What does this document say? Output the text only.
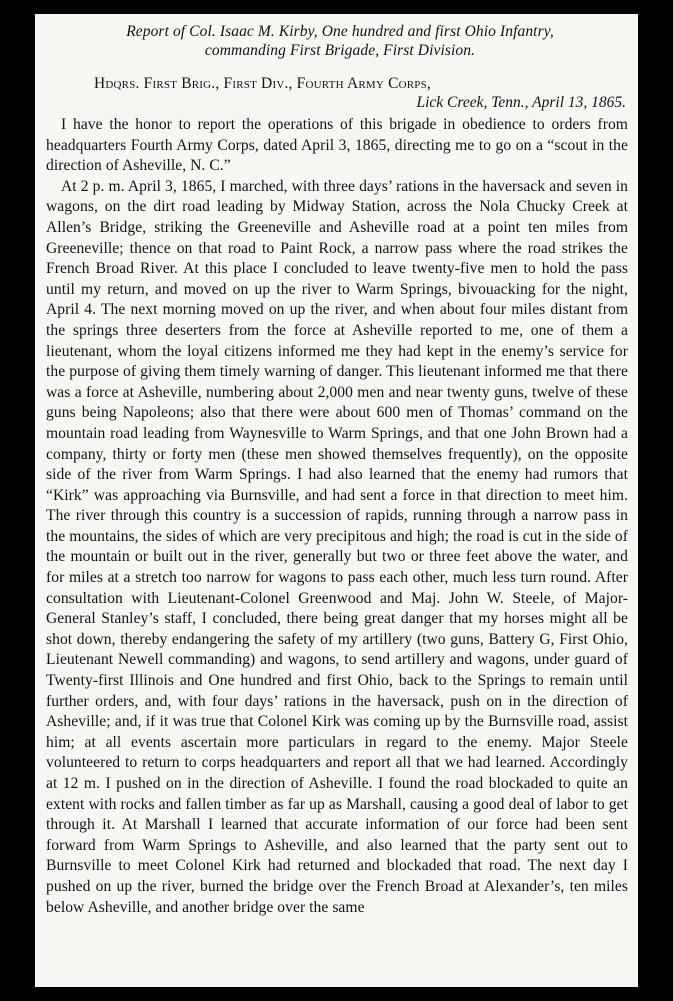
Report of Col. Isaac M. Kirby, One hundred and first Ohio Infantry,
commanding First Brigade, First Division.
Hdqrs. First Brig., First Div., Fourth Army Corps,
Lick Creek, Tenn., April 13, 1865.

I have the honor to report the operations of this brigade in obedience to orders from headquarters Fourth Army Corps, dated April 3, 1865, directing me to go on a “scout in the direction of Asheville, N. C.”

At 2 p. m. April 3, 1865, I marched, with three days’ rations in the haversack and seven in wagons, on the dirt road leading by Midway Station, across the Nola Chucky Creek at Allen’s Bridge, striking the Greeneville and Asheville road at a point ten miles from Greeneville; thence on that road to Paint Rock, a narrow pass where the road strikes the French Broad River. At this place I concluded to leave twenty-five men to hold the pass until my return, and moved on up the river to Warm Springs, bivouacking for the night, April 4. The next morning moved on up the river, and when about four miles distant from the springs three deserters from the force at Asheville reported to me, one of them a lieutenant, whom the loyal citizens informed me they had kept in the enemy’s service for the purpose of giving them timely warning of danger. This lieutenant informed me that there was a force at Asheville, numbering about 2,000 men and near twenty guns, twelve of these guns being Napoleons; also that there were about 600 men of Thomas’ command on the mountain road leading from Waynesville to Warm Springs, and that one John Brown had a company, thirty or forty men (these men showed themselves frequently), on the opposite side of the river from Warm Springs. I had also learned that the enemy had rumors that “Kirk” was approaching via Burnsville, and had sent a force in that direction to meet him. The river through this country is a succession of rapids, running through a narrow pass in the mountains, the sides of which are very precipitous and high; the road is cut in the side of the mountain or built out in the river, generally but two or three feet above the water, and for miles at a stretch too narrow for wagons to pass each other, much less turn round. After consultation with Lieutenant-Colonel Greenwood and Maj. John W. Steele, of Major-General Stanley’s staff, I concluded, there being great danger that my horses might all be shot down, thereby endangering the safety of my artillery (two guns, Battery G, First Ohio, Lieutenant Newell commanding) and wagons, to send artillery and wagons, under guard of Twenty-first Illinois and One hundred and first Ohio, back to the Springs to remain until further orders, and, with four days’ rations in the haversack, push on in the direction of Asheville; and, if it was true that Colonel Kirk was coming up by the Burnsville road, assist him; at all events ascertain more particulars in regard to the enemy. Major Steele volunteered to return to corps headquarters and report all that we had learned. Accordingly at 12 m. I pushed on in the direction of Asheville. I found the road blockaded to quite an extent with rocks and fallen timber as far up as Marshall, causing a good deal of labor to get through it. At Marshall I learned that accurate information of our force had been sent forward from Warm Springs to Asheville, and also learned that the party sent out to Burnsville to meet Colonel Kirk had returned and blockaded that road. The next day I pushed on up the river, burned the bridge over the French Broad at Alexander’s, ten miles below Asheville, and another bridge over the same
